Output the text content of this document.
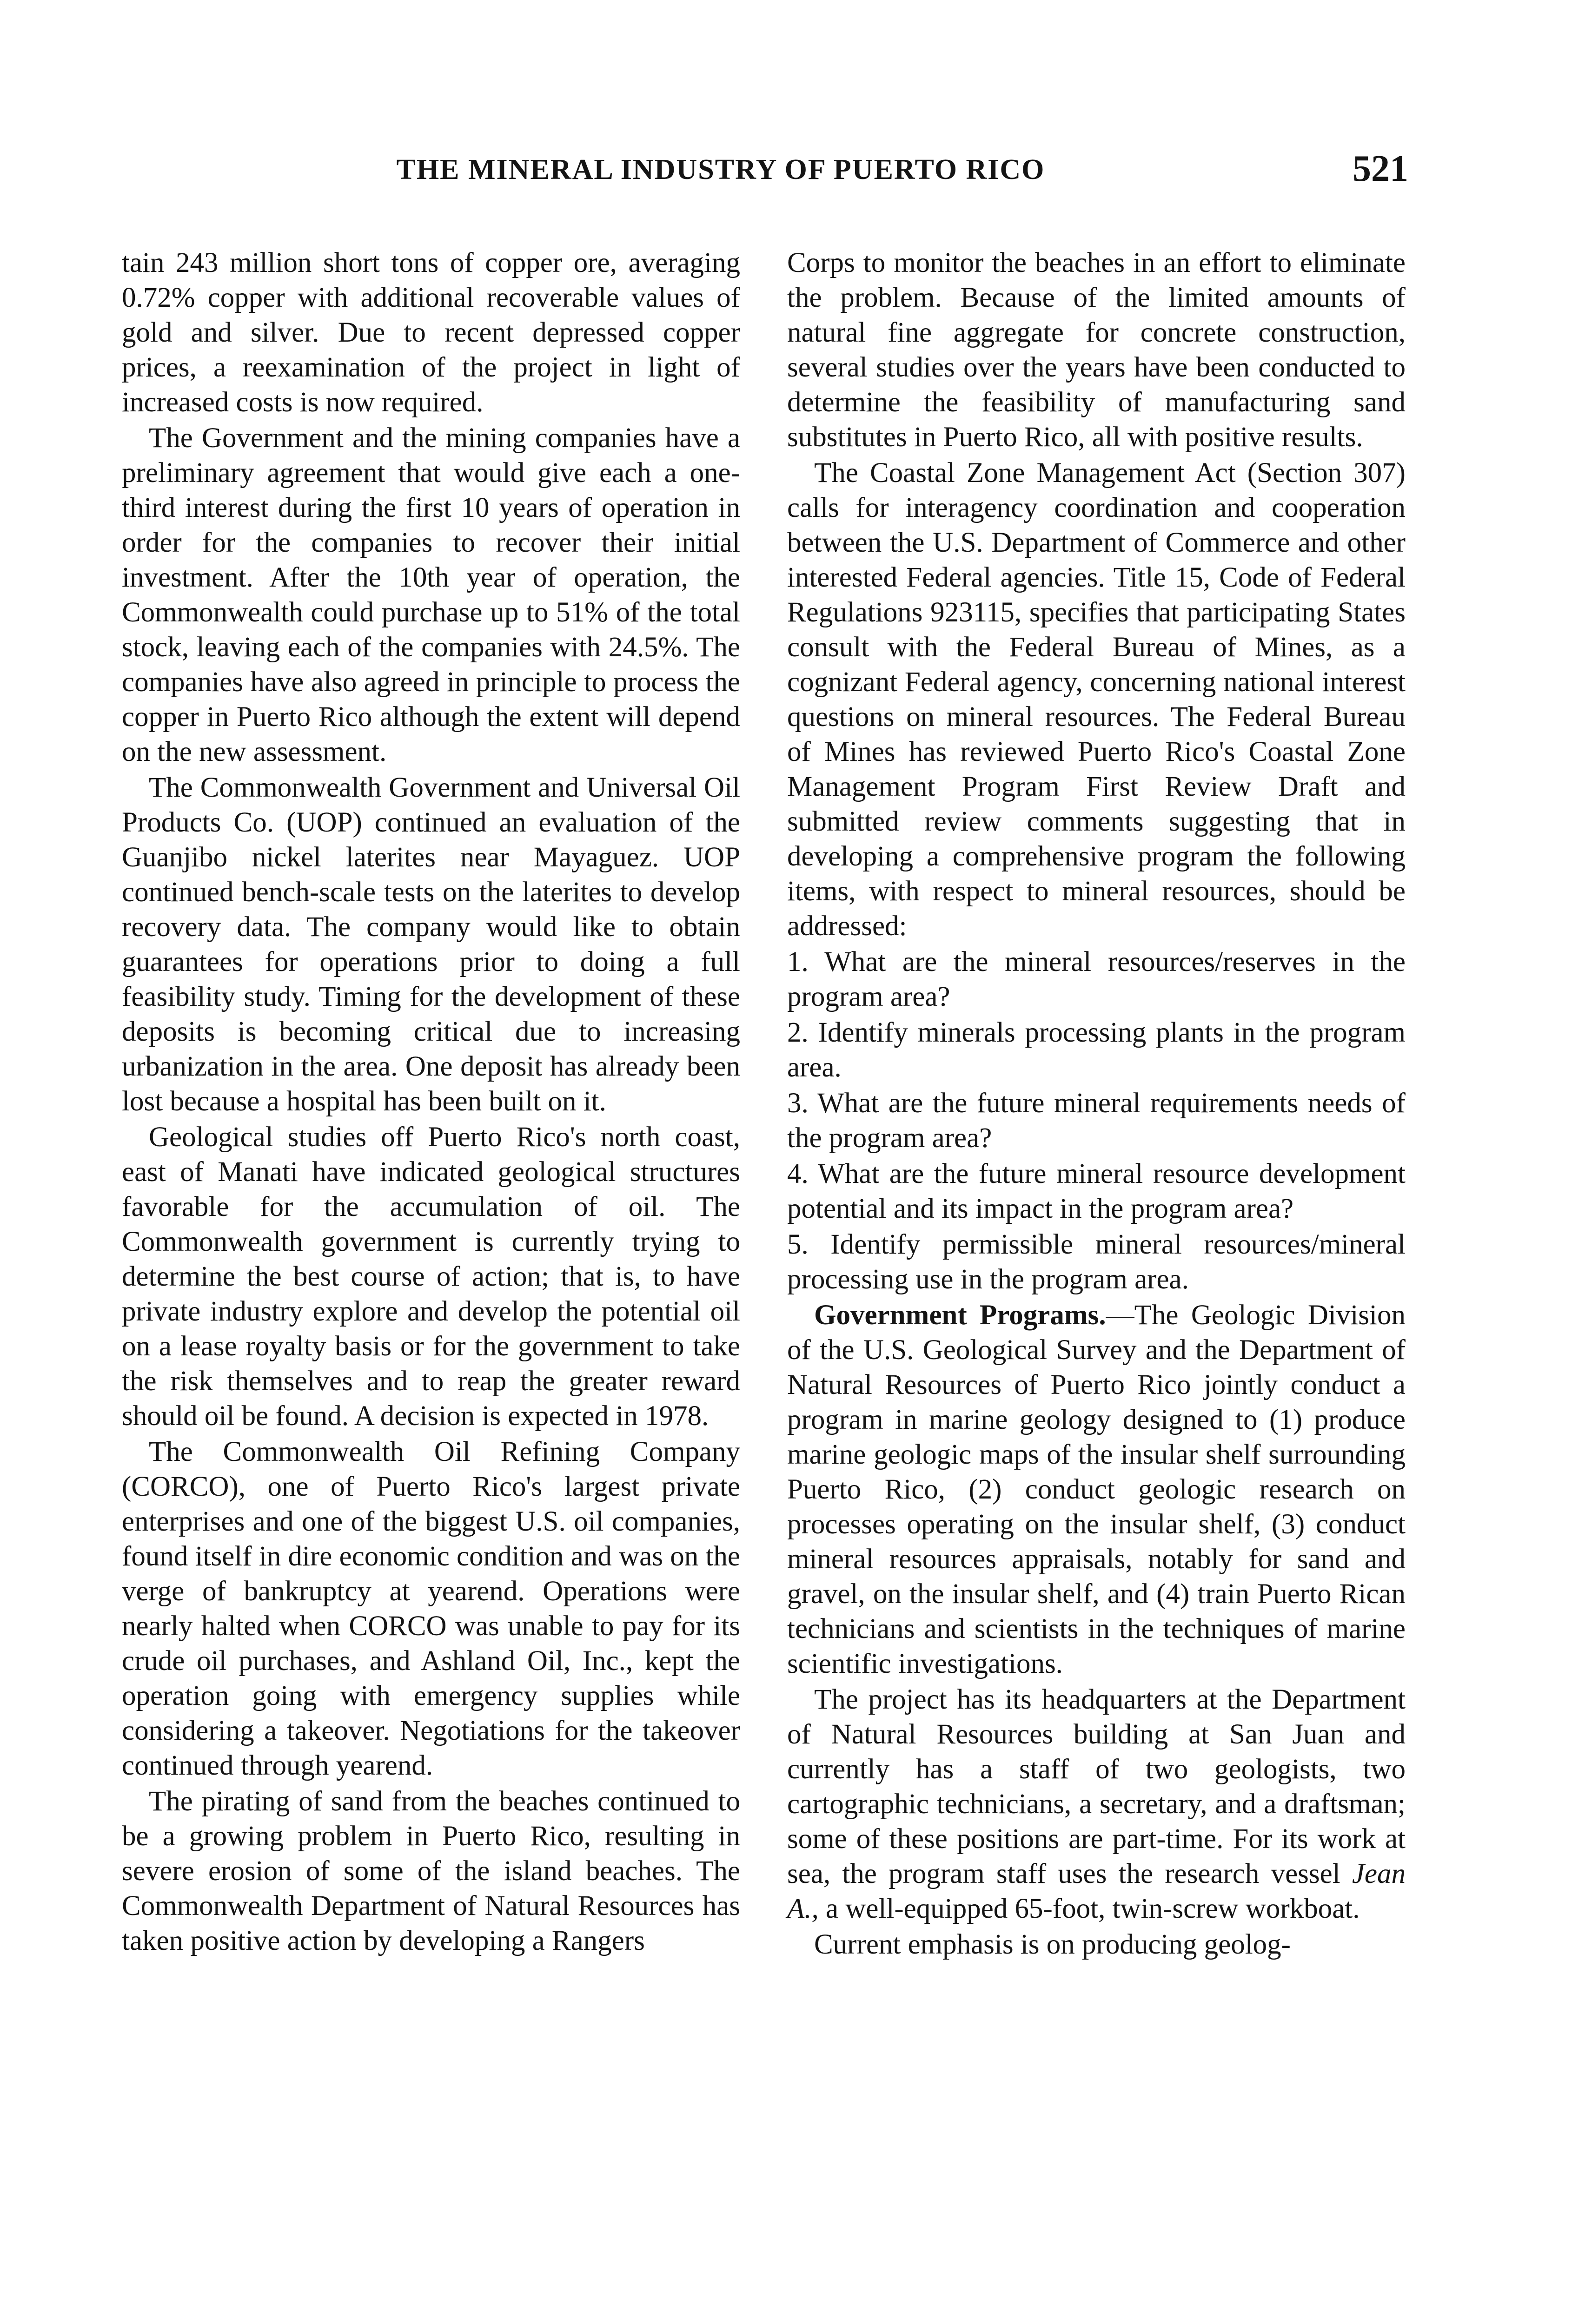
THE MINERAL INDUSTRY OF PUERTO RICO	521

tain 243 million short tons of copper ore, averaging 0.72% copper with additional recoverable values of gold and silver. Due to recent depressed copper prices, a reexamination of the project in light of increased costs is now required.

The Government and the mining companies have a preliminary agreement that would give each a one-third interest during the first 10 years of operation in order for the companies to recover their initial investment. After the 10th year of operation, the Commonwealth could purchase up to 51% of the total stock, leaving each of the companies with 24.5%. The companies have also agreed in principle to process the copper in Puerto Rico although the extent will depend on the new assessment.

The Commonwealth Government and Universal Oil Products Co. (UOP) continued an evaluation of the Guanjibo nickel laterites near Mayaguez. UOP continued bench-scale tests on the laterites to develop recovery data. The company would like to obtain guarantees for operations prior to doing a full feasibility study. Timing for the development of these deposits is becoming critical due to increasing urbanization in the area. One deposit has already been lost because a hospital has been built on it.

Geological studies off Puerto Rico's north coast, east of Manati have indicated geological structures favorable for the accumulation of oil. The Commonwealth government is currently trying to determine the best course of action; that is, to have private industry explore and develop the potential oil on a lease royalty basis or for the government to take the risk themselves and to reap the greater reward should oil be found. A decision is expected in 1978.

The Commonwealth Oil Refining Company (CORCO), one of Puerto Rico's largest private enterprises and one of the biggest U.S. oil companies, found itself in dire economic condition and was on the verge of bankruptcy at yearend. Operations were nearly halted when CORCO was unable to pay for its crude oil purchases, and Ashland Oil, Inc., kept the operation going with emergency supplies while considering a takeover. Negotiations for the takeover continued through yearend.

The pirating of sand from the beaches continued to be a growing problem in Puerto Rico, resulting in severe erosion of some of the island beaches. The Commonwealth Department of Natural Resources has taken positive action by developing a Rangers

Corps to monitor the beaches in an effort to eliminate the problem. Because of the limited amounts of natural fine aggregate for concrete construction, several studies over the years have been conducted to determine the feasibility of manufacturing sand substitutes in Puerto Rico, all with positive results.

The Coastal Zone Management Act (Section 307) calls for interagency coordination and cooperation between the U.S. Department of Commerce and other interested Federal agencies. Title 15, Code of Federal Regulations 923115, specifies that participating States consult with the Federal Bureau of Mines, as a cognizant Federal agency, concerning national interest questions on mineral resources. The Federal Bureau of Mines has reviewed Puerto Rico's Coastal Zone Management Program First Review Draft and submitted review comments suggesting that in developing a comprehensive program the following items, with respect to mineral resources, should be addressed:

1. What are the mineral resources/reserves in the program area?

2. Identify minerals processing plants in the program area.

3. What are the future mineral requirements needs of the program area?

4. What are the future mineral resource development potential and its impact in the program area?

5. Identify permissible mineral resources/mineral processing use in the program area.

Government Programs.—The Geologic Division of the U.S. Geological Survey and the Department of Natural Resources of Puerto Rico jointly conduct a program in marine geology designed to (1) produce marine geologic maps of the insular shelf surrounding Puerto Rico, (2) conduct geologic research on processes operating on the insular shelf, (3) conduct mineral resources appraisals, notably for sand and gravel, on the insular shelf, and (4) train Puerto Rican technicians and scientists in the techniques of marine scientific investigations.

The project has its headquarters at the Department of Natural Resources building at San Juan and currently has a staff of two geologists, two cartographic technicians, a secretary, and a draftsman; some of these positions are part-time. For its work at sea, the program staff uses the research vessel Jean A., a well-equipped 65-foot, twin-screw workboat.

Current emphasis is on producing geolog-
